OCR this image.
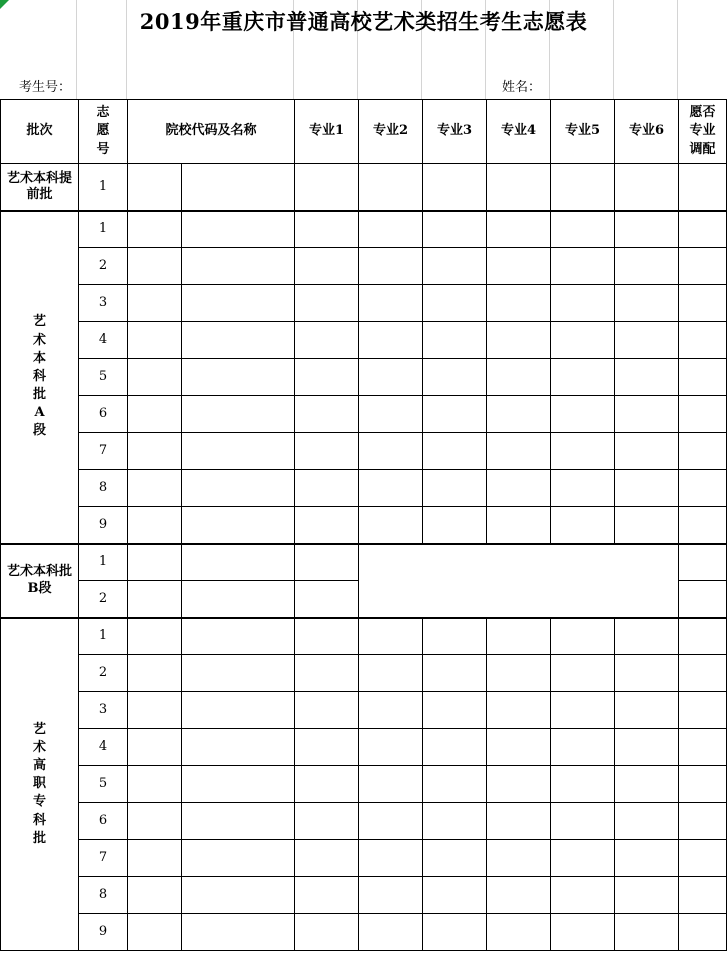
2019年重庆市普通高校艺术类招生考生志愿表
考生号：	姓名：
批次	志愿号	院校代码及名称		专业1	专业2	专业3	专业4	专业5	专业6	愿否专业调配
艺术本科提前批	1									
艺术本科批A段	1									
	2									
	3									
	4									
	5									
	6									
	7									
	8									
	9									
艺术本科批B段	1									
	2									
艺术高职专科批	1									
	2									
	3									
	4									
	5									
	6									
	7									
	8									
	9									
